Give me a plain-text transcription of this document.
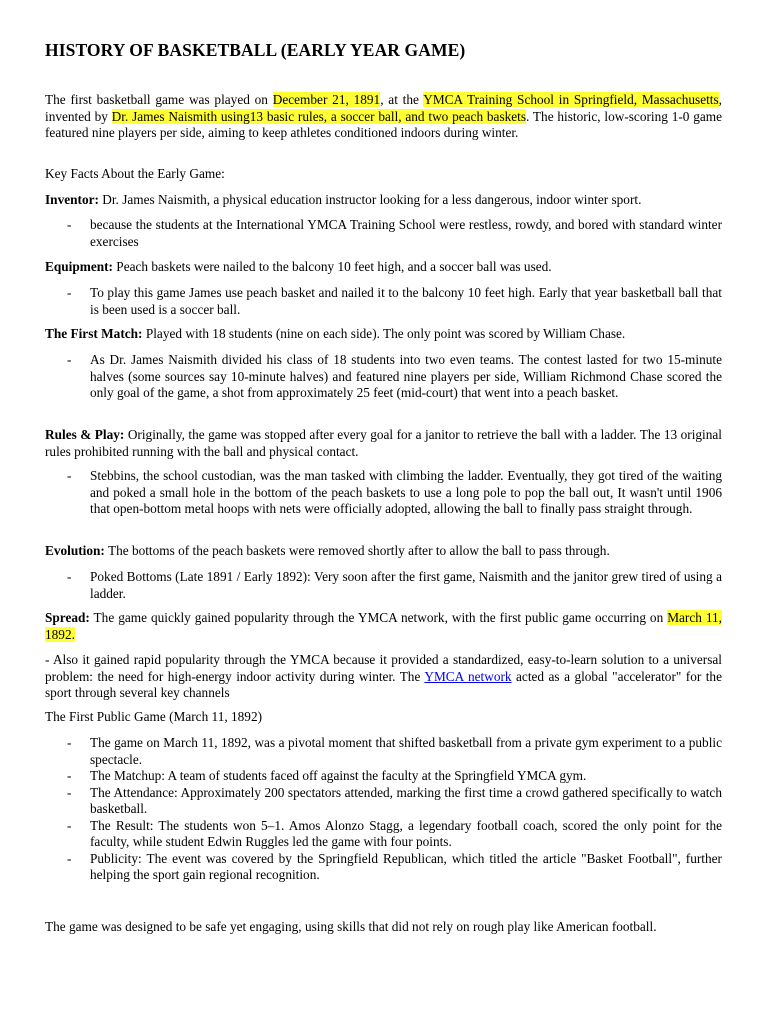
HISTORY OF BASKETBALL (EARLY YEAR GAME)

The first basketball game was played on December 21, 1891, at the YMCA Training School in Springfield, Massachusetts, invented by Dr. James Naismith using13 basic rules, a soccer ball, and two peach baskets. The historic, low-scoring 1-0 game featured nine players per side, aiming to keep athletes conditioned indoors during winter.

Key Facts About the Early Game:

Inventor: Dr. James Naismith, a physical education instructor looking for a less dangerous, indoor winter sport.

- because the students at the International YMCA Training School were restless, rowdy, and bored with standard winter exercises

Equipment: Peach baskets were nailed to the balcony 10 feet high, and a soccer ball was used.

- To play this game James use peach basket and nailed it to the balcony 10 feet high. Early that year basketball ball that is been used is a soccer ball.

The First Match: Played with 18 students (nine on each side). The only point was scored by William Chase.

- As Dr. James Naismith divided his class of 18 students into two even teams. The contest lasted for two 15-minute halves (some sources say 10-minute halves) and featured nine players per side, William Richmond Chase scored the only goal of the game, a shot from approximately 25 feet (mid-court) that went into a peach basket.

Rules & Play: Originally, the game was stopped after every goal for a janitor to retrieve the ball with a ladder. The 13 original rules prohibited running with the ball and physical contact.

- Stebbins, the school custodian, was the man tasked with climbing the ladder. Eventually, they got tired of the waiting and poked a small hole in the bottom of the peach baskets to use a long pole to pop the ball out, It wasn't until 1906 that open-bottom metal hoops with nets were officially adopted, allowing the ball to finally pass straight through.

Evolution: The bottoms of the peach baskets were removed shortly after to allow the ball to pass through.

- Poked Bottoms (Late 1891 / Early 1892): Very soon after the first game, Naismith and the janitor grew tired of using a ladder.

Spread: The game quickly gained popularity through the YMCA network, with the first public game occurring on March 11, 1892.

- Also it gained rapid popularity through the YMCA because it provided a standardized, easy-to-learn solution to a universal problem: the need for high-energy indoor activity during winter. The YMCA network acted as a global "accelerator" for the sport through several key channels

The First Public Game (March 11, 1892)

- The game on March 11, 1892, was a pivotal moment that shifted basketball from a private gym experiment to a public spectacle.
- The Matchup: A team of students faced off against the faculty at the Springfield YMCA gym.
- The Attendance: Approximately 200 spectators attended, marking the first time a crowd gathered specifically to watch basketball.
- The Result: The students won 5–1. Amos Alonzo Stagg, a legendary football coach, scored the only point for the faculty, while student Edwin Ruggles led the game with four points.
- Publicity: The event was covered by the Springfield Republican, which titled the article "Basket Football", further helping the sport gain regional recognition.

The game was designed to be safe yet engaging, using skills that did not rely on rough play like American football.
